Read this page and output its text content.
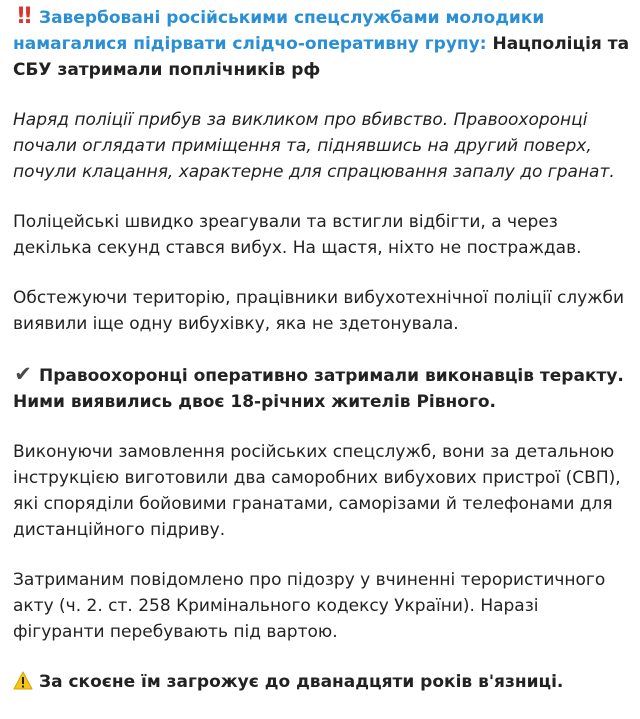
!! Завербовані російськими спецслужбами молодики намагалися підірвати слідчо-оперативну групу: Нацполіція та СБУ затримали поплічників рф
Наряд поліції прибув за викликом про вбивство. Правоохоронці почали оглядати приміщення та, піднявшись на другий поверх, почули клацання, характерне для спрацювання запалу до гранат.
Поліцейські швидко зреагували та встигли відбігти, а через декілька секунд стався вибух. На щастя, ніхто не постраждав.
Обстежуючи територію, працівники вибухотехнічної поліції служби виявили іще одну вибухівку, яка не здетонувала.
✔ Правоохоронці оперативно затримали виконавців теракту. Ними виявились двоє 18-річних жителів Рівного.
Виконуючи замовлення російських спецслужб, вони за детальною інструкцією виготовили два саморобних вибухових пристрої (СВП), які споряділи бойовими гранатами, саморізами й телефонами для дистанційного підриву.
Затриманим повідомлено про підозру у вчиненні терористичного акту (ч. 2. ст. 258 Кримінального кодексу України). Наразі фігуранти перебувають під вартою.
За скоєне їм загрожує до дванадцяти років в'язниці.
